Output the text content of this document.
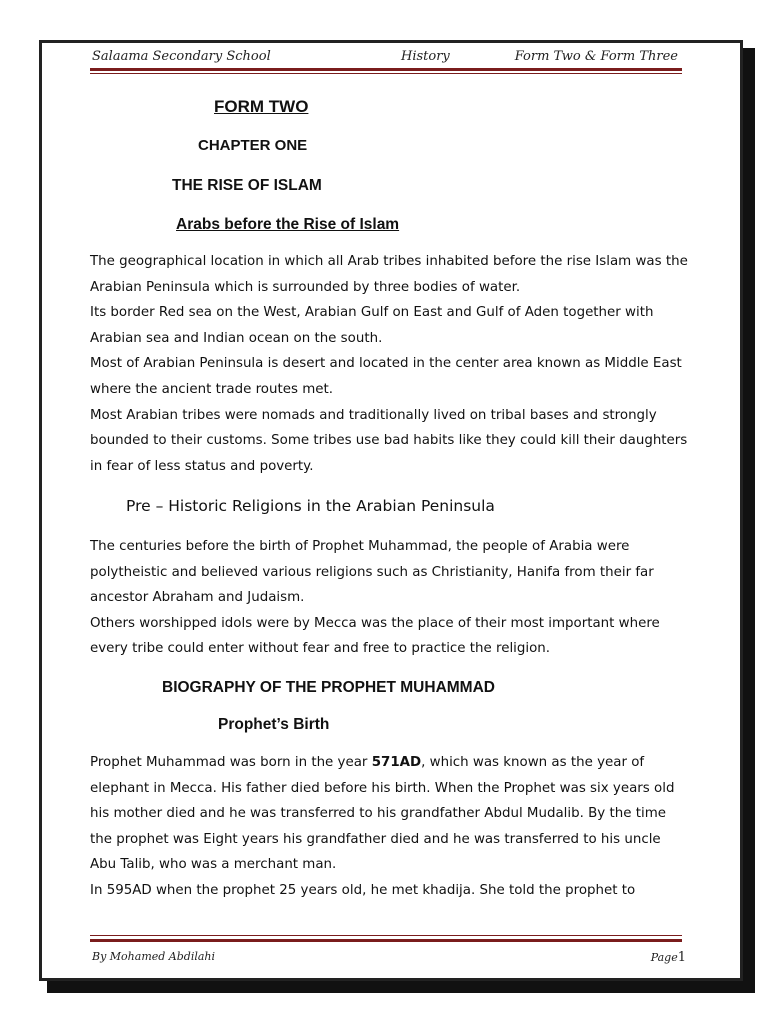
Salaama Secondary School	History	Form Two & Form Three
FORM TWO
CHAPTER ONE
THE RISE OF ISLAM
Arabs before the Rise of Islam

The geographical location in which all Arab tribes inhabited before the rise Islam was the Arabian Peninsula which is surrounded by three bodies of water.

Its border Red sea on the West, Arabian Gulf on East and Gulf of Aden together with Arabian sea and Indian ocean on the south.

Most of Arabian Peninsula is desert and located in the center area known as Middle East where the ancient trade routes met.

Most Arabian tribes were nomads and traditionally lived on tribal bases and strongly bounded to their customs. Some tribes use bad habits like they could kill their daughters in fear of less status and poverty.

Pre – Historic Religions in the Arabian Peninsula

The centuries before the birth of Prophet Muhammad, the people of Arabia were polytheistic and believed various religions such as Christianity, Hanifa from their far ancestor Abraham and Judaism.

Others worshipped idols were by Mecca was the place of their most important where every tribe could enter without fear and free to practice the religion.

BIOGRAPHY OF THE PROPHET MUHAMMAD
Prophet’s Birth

Prophet Muhammad was born in the year 571AD, which was known as the year of elephant in Mecca. His father died before his birth. When the Prophet was six years old his mother died and he was transferred to his grandfather Abdul Mudalib. By the time the prophet was Eight years his grandfather died and he was transferred to his uncle Abu Talib, who was a merchant man.

In 595AD when the prophet 25 years old, he met khadija. She told the prophet to

By Mohamed Abdilahi	Page1
